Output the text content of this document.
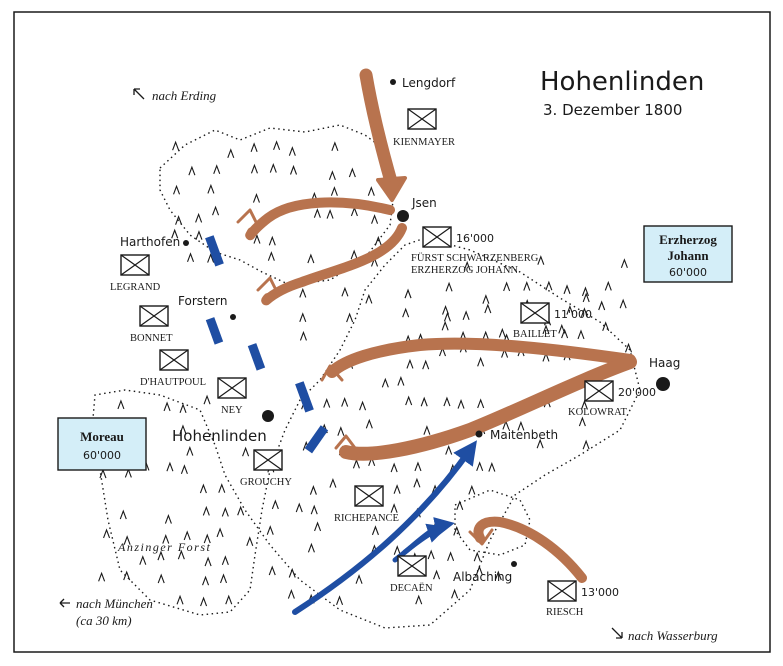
Hohenlinden
3. Dezember 1800
Lengdorf
Jsen
Harthofen
Forstern
Hohenlinden
Haag
Maitenbeth
Albaching
nach Erding
nach München
(ca 30 km)
nach Wasserburg
Anzinger Forst
KIENMAYER
16'000
FÜRST SCHWARZENBERG
ERZHERZOG JOHANN
11'000
BAILLET
20'000
KOLOWRAT
13'000
RIESCH
LEGRAND
BONNET
D'HAUTPOUL
NEY
GROUCHY
RICHEPANCE
DECAËN
Erzherzog
Johann
60'000
Moreau
60'000
